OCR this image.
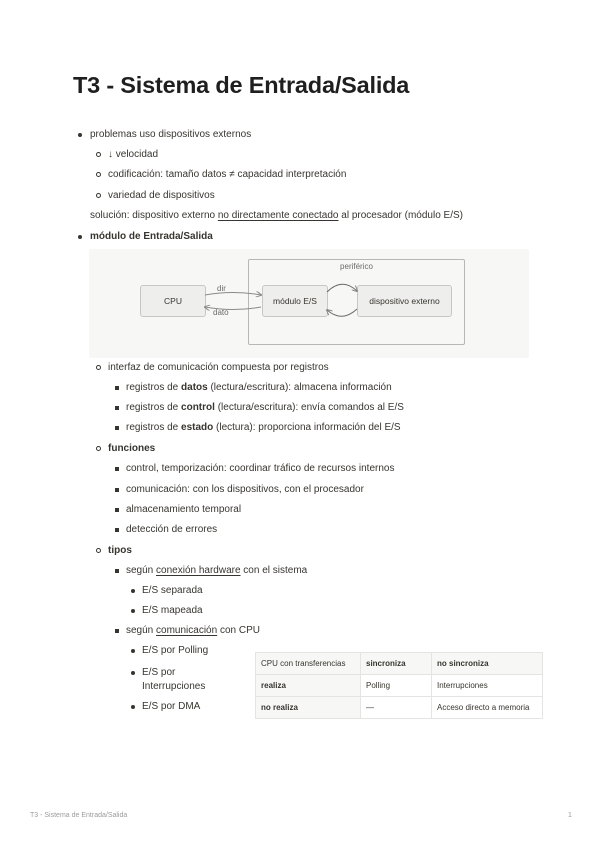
T3 - Sistema de Entrada/Salida
problemas uso dispositivos externos
↓ velocidad
codificación: tamaño datos ≠ capacidad interpretación
variedad de dispositivos
solución: dispositivo externo no directamente conectado al procesador (módulo E/S)
módulo de Entrada/Salida
periférico
CPU	módulo E/S	dispositivo externo
dir
dato
interfaz de comunicación compuesta por registros
registros de datos (lectura/escritura): almacena información
registros de control (lectura/escritura): envía comandos al E/S
registros de estado (lectura): proporciona información del E/S
funciones
control, temporización: coordinar tráfico de recursos internos
comunicación: con los dispositivos, con el procesador
almacenamiento temporal
detección de errores
tipos
según conexión hardware con el sistema
E/S separada
E/S mapeada
según comunicación con CPU
E/S por Polling
E/S por
Interrupciones
E/S por DMA
CPU con transferencias	sincroniza	no sincroniza
realiza	Polling	Interrupciones
no realiza	—	Acceso directo a memoria
T3 - Sistema de Entrada/Salida	1
